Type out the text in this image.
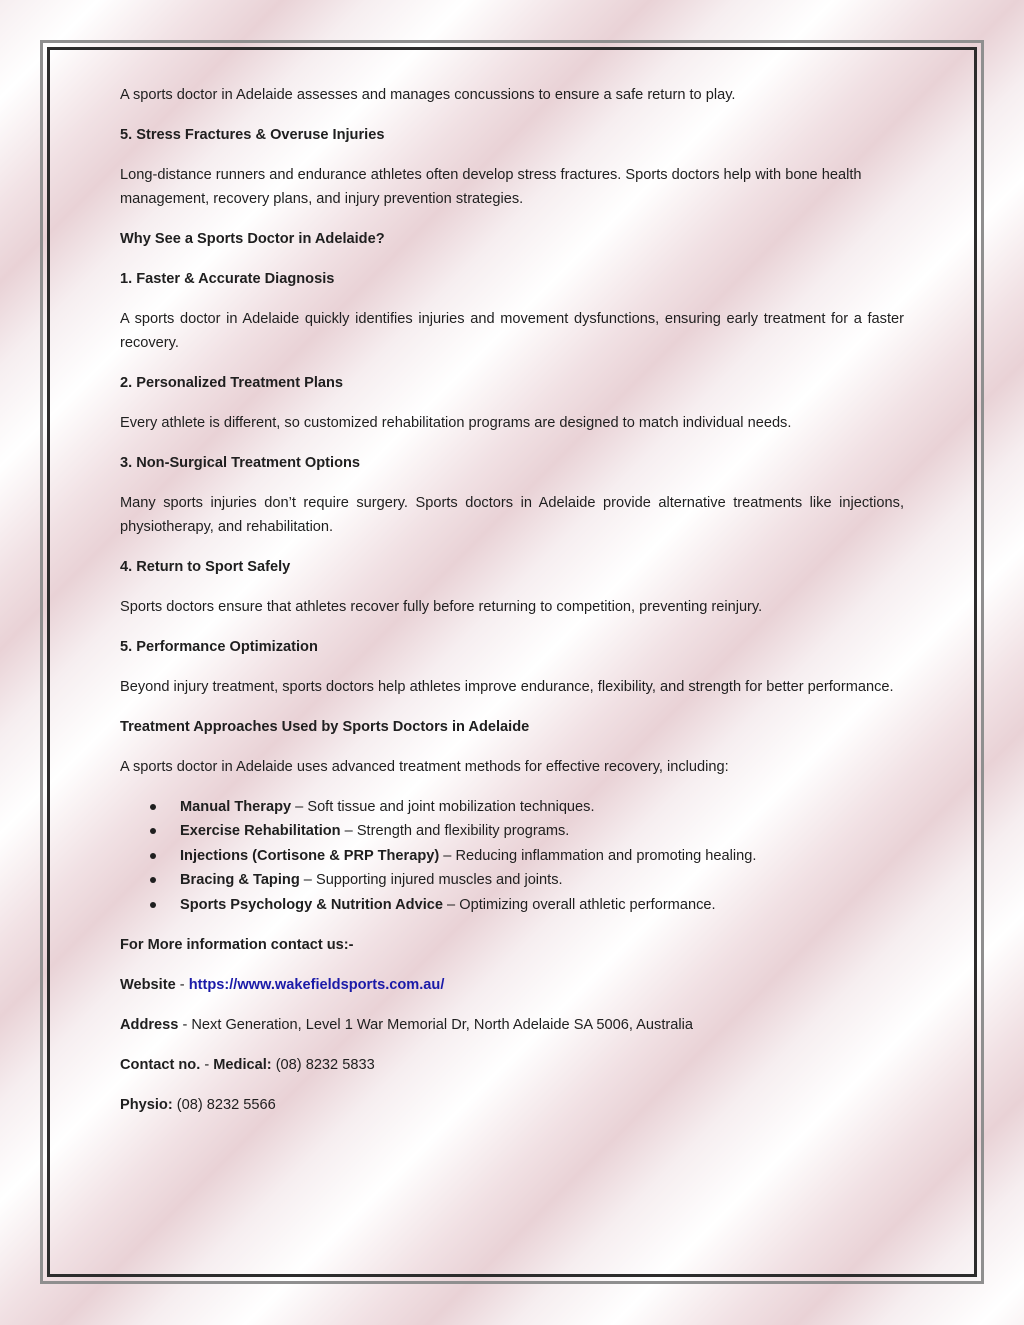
A sports doctor in Adelaide assesses and manages concussions to ensure a safe return to play.

5. Stress Fractures & Overuse Injuries

Long-distance runners and endurance athletes often develop stress fractures. Sports doctors help with bone health management, recovery plans, and injury prevention strategies.

Why See a Sports Doctor in Adelaide?

1. Faster & Accurate Diagnosis

A sports doctor in Adelaide quickly identifies injuries and movement dysfunctions, ensuring early treatment for a faster recovery.

2. Personalized Treatment Plans

Every athlete is different, so customized rehabilitation programs are designed to match individual needs.

3. Non-Surgical Treatment Options

Many sports injuries don’t require surgery. Sports doctors in Adelaide provide alternative treatments like injections, physiotherapy, and rehabilitation.

4. Return to Sport Safely

Sports doctors ensure that athletes recover fully before returning to competition, preventing reinjury.

5. Performance Optimization

Beyond injury treatment, sports doctors help athletes improve endurance, flexibility, and strength for better performance.

Treatment Approaches Used by Sports Doctors in Adelaide

A sports doctor in Adelaide uses advanced treatment methods for effective recovery, including:

Manual Therapy – Soft tissue and joint mobilization techniques.
Exercise Rehabilitation – Strength and flexibility programs.
Injections (Cortisone & PRP Therapy) – Reducing inflammation and promoting healing.
Bracing & Taping – Supporting injured muscles and joints.
Sports Psychology & Nutrition Advice – Optimizing overall athletic performance.

For More information contact us:-

Website - https://www.wakefieldsports.com.au/

Address - Next Generation, Level 1 War Memorial Dr, North Adelaide SA 5006, Australia

Contact no. - Medical: (08) 8232 5833

Physio: (08) 8232 5566
